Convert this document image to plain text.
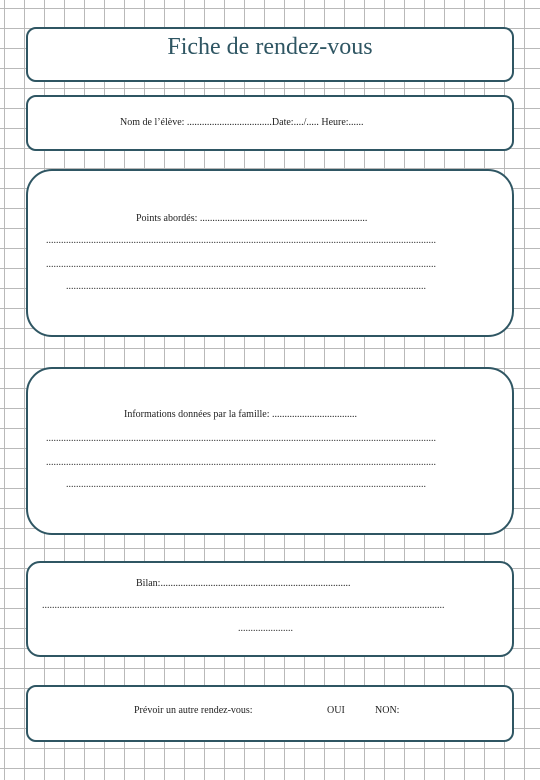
Fiche de rendez-vous
Nom de l’élève: ..................................Date:..../..... Heure:......
Points abordés: ...................................................................
............................................................................................................................................................
............................................................................................................................................................
................................................................................................................................................
Informations données par la famille: ..................................
............................................................................................................................................................
............................................................................................................................................................
................................................................................................................................................
Bilan:............................................................................
.................................................................................................................................................................
......................
Prévoir un autre rendez-vous:	OUI	NON:
